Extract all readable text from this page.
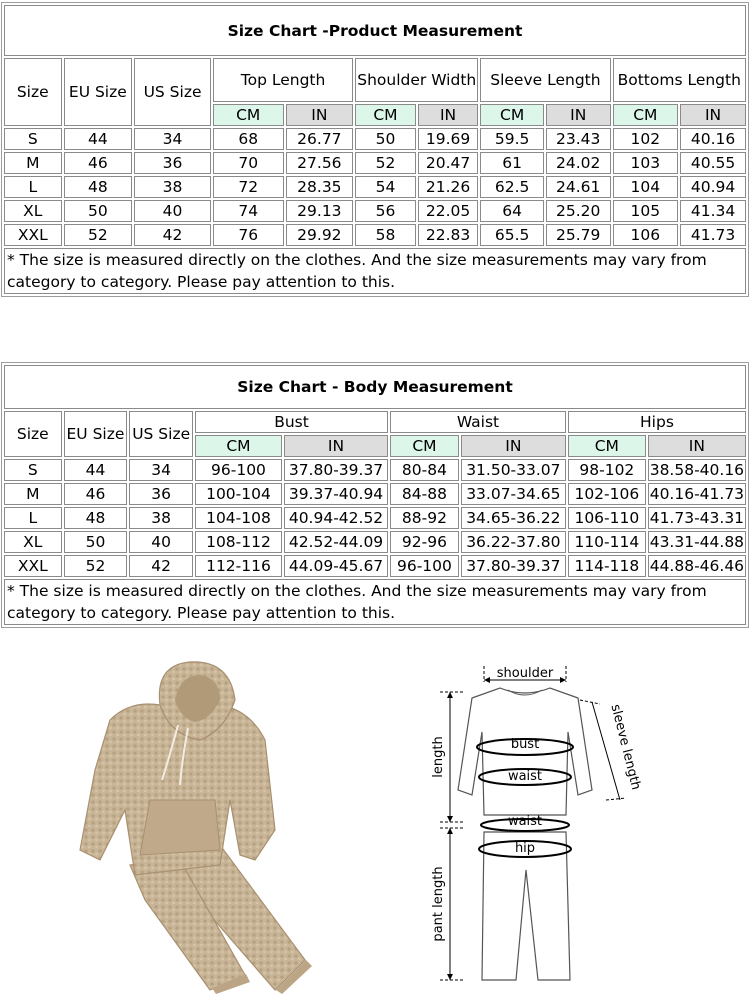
Size Chart -Product Measurement										
Size	EU Size	US Size	Top Length		Shoulder Width		Sleeve Length		Bottoms Length	
			CM	IN	CM	IN	CM	IN	CM	IN
S	44	34	68	26.77	50	19.69	59.5	23.43	102	40.16
M	46	36	70	27.56	52	20.47	61	24.02	103	40.55
L	48	38	72	28.35	54	21.26	62.5	24.61	104	40.94
XL	50	40	74	29.13	56	22.05	64	25.20	105	41.34
XXL	52	42	76	29.92	58	22.83	65.5	25.79	106	41.73
* The size is measured directly on the clothes. And the size measurements may vary from category to category. Please pay attention to this.										
Size Chart - Body Measurement								
Size	EU Size	US Size	Bust		Waist		Hips	
			CM	IN	CM	IN	CM	IN
S	44	34	96-100	37.80-39.37	80-84	31.50-33.07	98-102	38.58-40.16
M	46	36	100-104	39.37-40.94	84-88	33.07-34.65	102-106	40.16-41.73
L	48	38	104-108	40.94-42.52	88-92	34.65-36.22	106-110	41.73-43.31
XL	50	40	108-112	42.52-44.09	92-96	36.22-37.80	110-114	43.31-44.88
XXL	52	42	112-116	44.09-45.67	96-100	37.80-39.37	114-118	44.88-46.46
* The size is measured directly on the clothes. And the size measurements may vary from category to category. Please pay attention to this.								
shoulder
length	sleeve length
bust
waist
waist
hip
pant length
